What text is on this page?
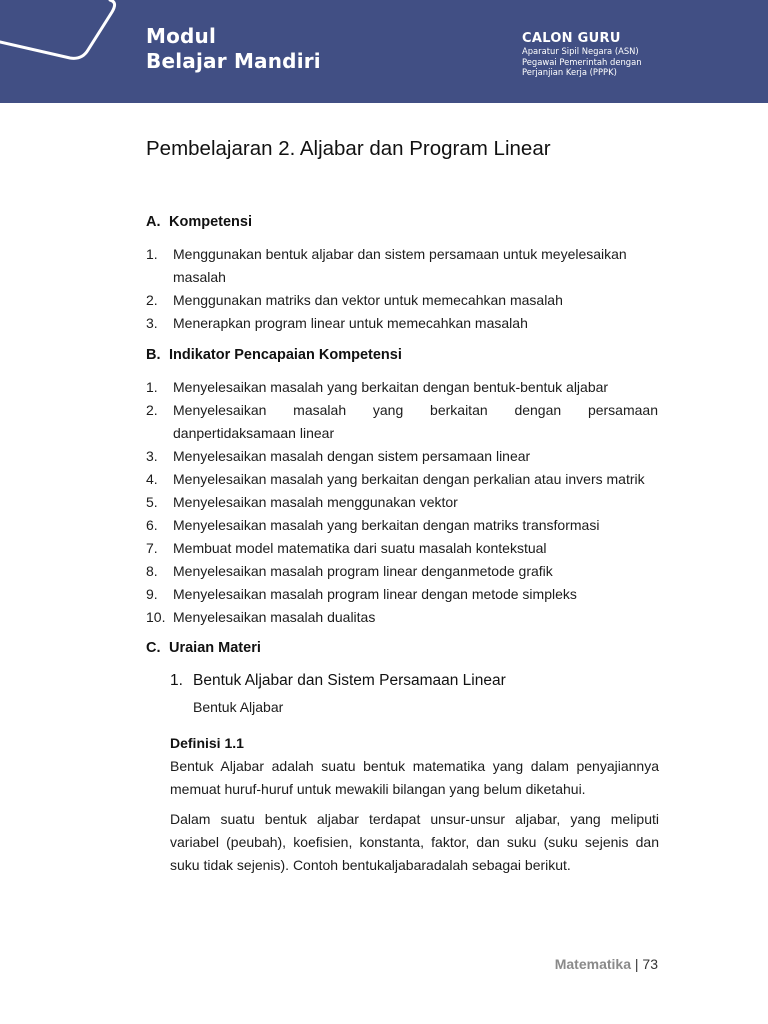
Modul
Belajar Mandiri
CALON GURU
Aparatur Sipil Negara (ASN)
Pegawai Pemerintah dengan
Perjanjian Kerja (PPPK)
Pembelajaran 2. Aljabar dan Program Linear
A. Kompetensi
1. Menggunakan bentuk aljabar dan sistem persamaan untuk meyelesaikan
masalah
2. Menggunakan matriks dan vektor untuk memecahkan masalah
3. Menerapkan program linear untuk memecahkan masalah
B. Indikator Pencapaian Kompetensi
1. Menyelesaikan masalah yang berkaitan dengan bentuk-bentuk aljabar
2. Menyelesaikan masalah yang berkaitan dengan persamaan
danpertidaksamaan linear
3. Menyelesaikan masalah dengan sistem persamaan linear
4. Menyelesaikan masalah yang berkaitan dengan perkalian atau invers matrik
5. Menyelesaikan masalah menggunakan vektor
6. Menyelesaikan masalah yang berkaitan dengan matriks transformasi
7. Membuat model matematika dari suatu masalah kontekstual
8. Menyelesaikan masalah program linear denganmetode grafik
9. Menyelesaikan masalah program linear dengan metode simpleks
10. Menyelesaikan masalah dualitas
C. Uraian Materi
1. Bentuk Aljabar dan Sistem Persamaan Linear
Bentuk Aljabar
Definisi 1.1
Bentuk Aljabar adalah suatu bentuk matematika yang dalam penyajiannya memuat huruf-huruf untuk mewakili bilangan yang belum diketahui.
Dalam suatu bentuk aljabar terdapat unsur-unsur aljabar, yang meliputi variabel (peubah), koefisien, konstanta, faktor, dan suku (suku sejenis dan suku tidak sejenis). Contoh bentukaljabaradalah sebagai berikut.
Matematika | 73
